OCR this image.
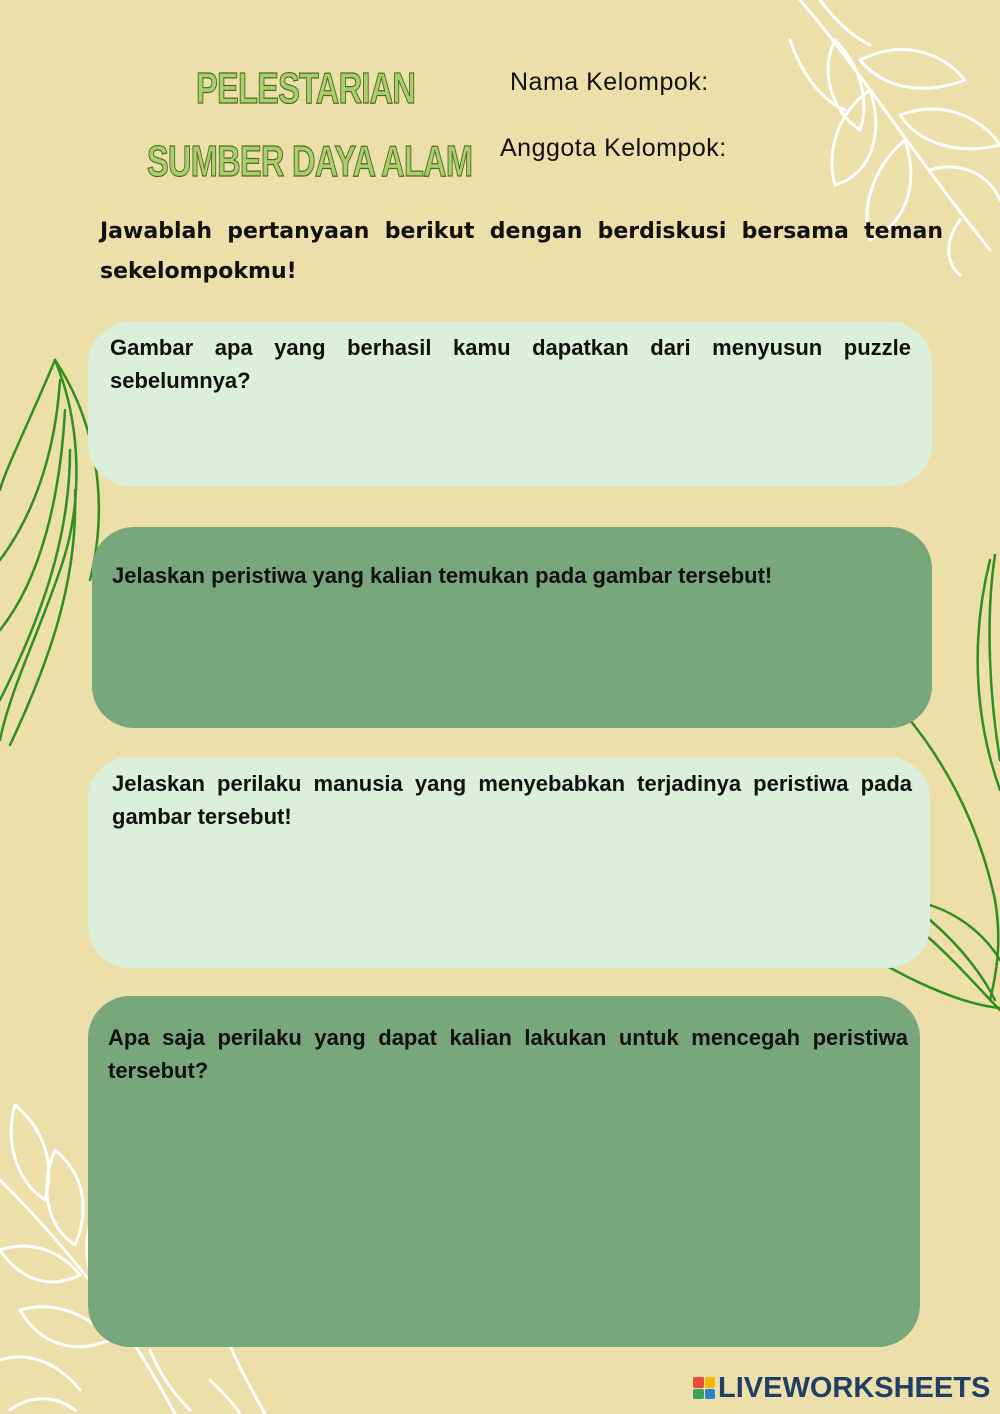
PELESTARIAN
SUMBER DAYA ALAM
Nama Kelompok:
Anggota Kelompok:
Jawablah pertanyaan berikut dengan berdiskusi bersama teman sekelompokmu!
Gambar apa yang berhasil kamu dapatkan dari menyusun puzzle sebelumnya?
Jelaskan peristiwa yang kalian temukan pada gambar tersebut!
Jelaskan perilaku manusia yang menyebabkan terjadinya peristiwa pada gambar tersebut!
Apa saja perilaku yang dapat kalian lakukan untuk mencegah peristiwa tersebut?
LIVEWORKSHEETS
